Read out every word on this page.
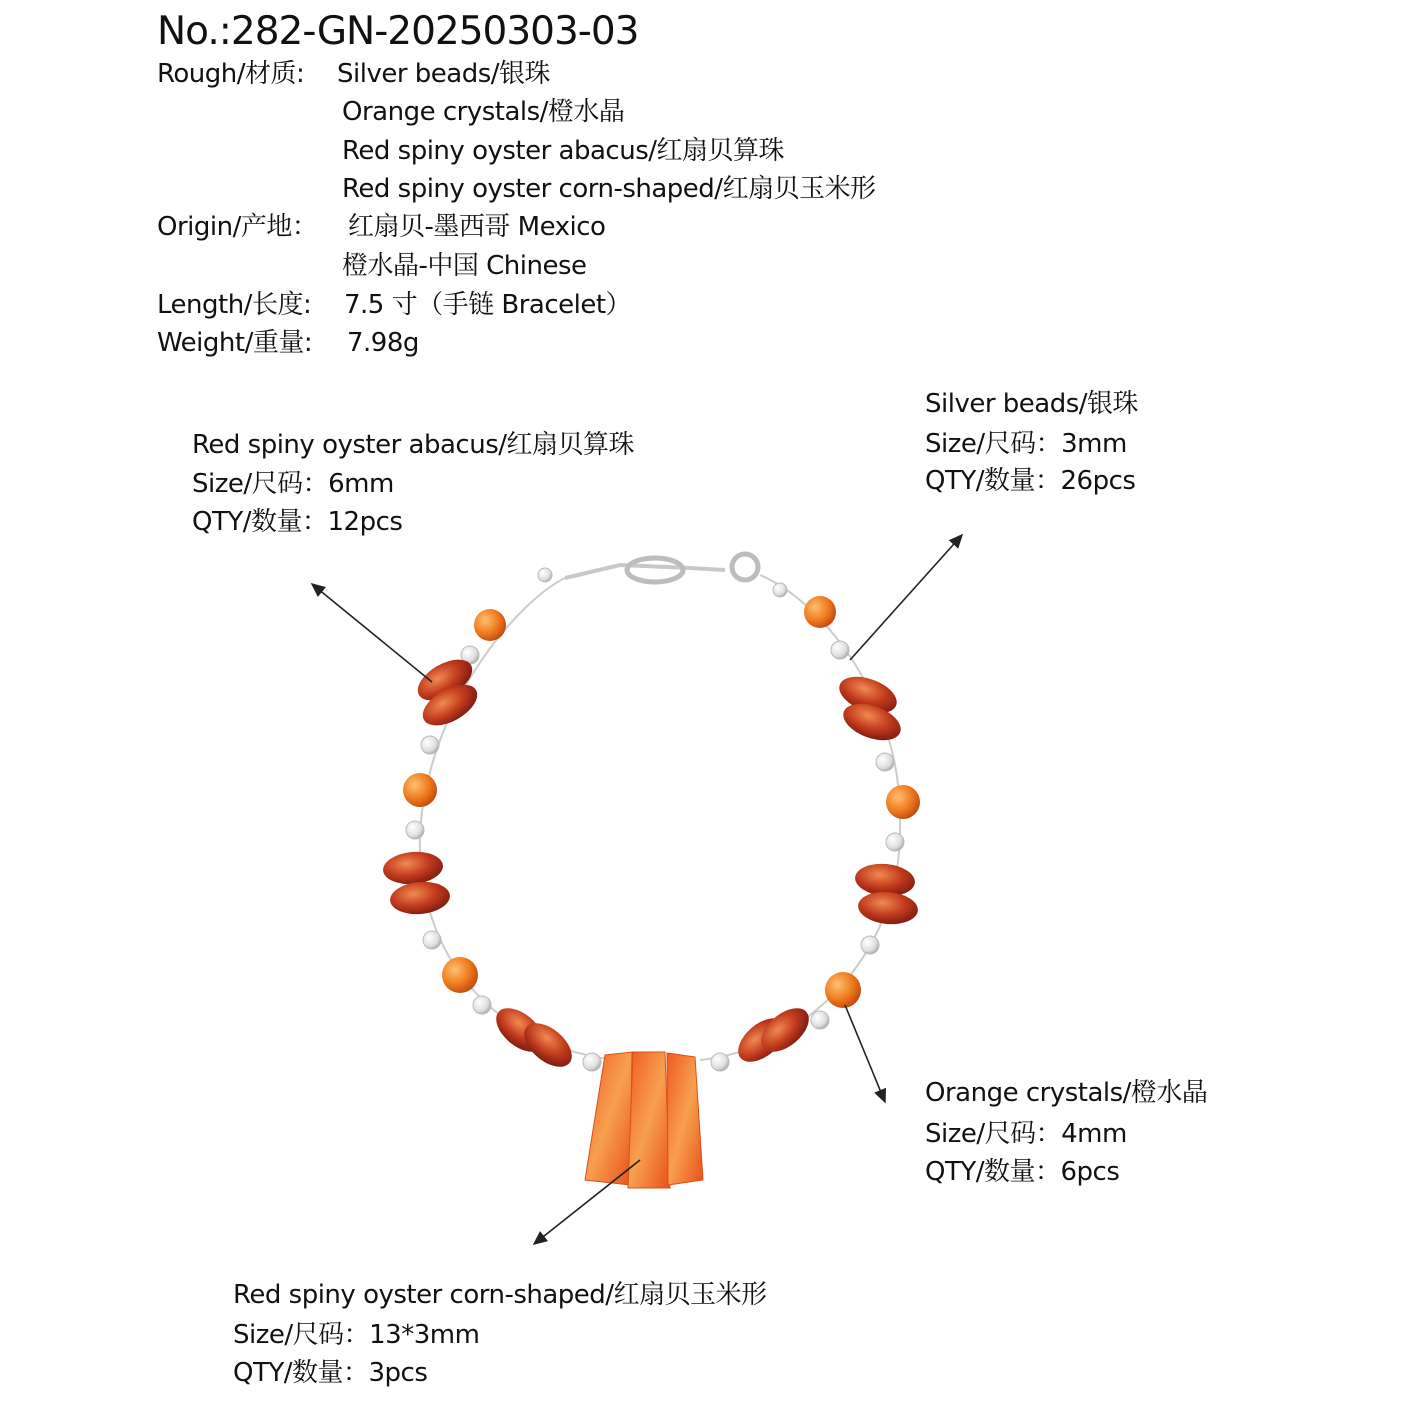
No.:282-GN-20250303-03
Rough/材质: Silver beads/银珠
Orange crystals/橙水晶
Red spiny oyster abacus/红扇贝算珠
Red spiny oyster corn-shaped/红扇贝玉米形
Origin/产地： 红扇贝-墨西哥 Mexico
橙水晶-中国 Chinese
Length/长度: 7.5 寸（手链 Bracelet）
Weight/重量: 7.98g
Red spiny oyster abacus/红扇贝算珠
Size/尺码：6mm
QTY/数量：12pcs
Silver beads/银珠
Size/尺码：3mm
QTY/数量：26pcs
Orange crystals/橙水晶
Size/尺码：4mm
QTY/数量：6pcs
Red spiny oyster corn-shaped/红扇贝玉米形
Size/尺码：13*3mm
QTY/数量：3pcs
